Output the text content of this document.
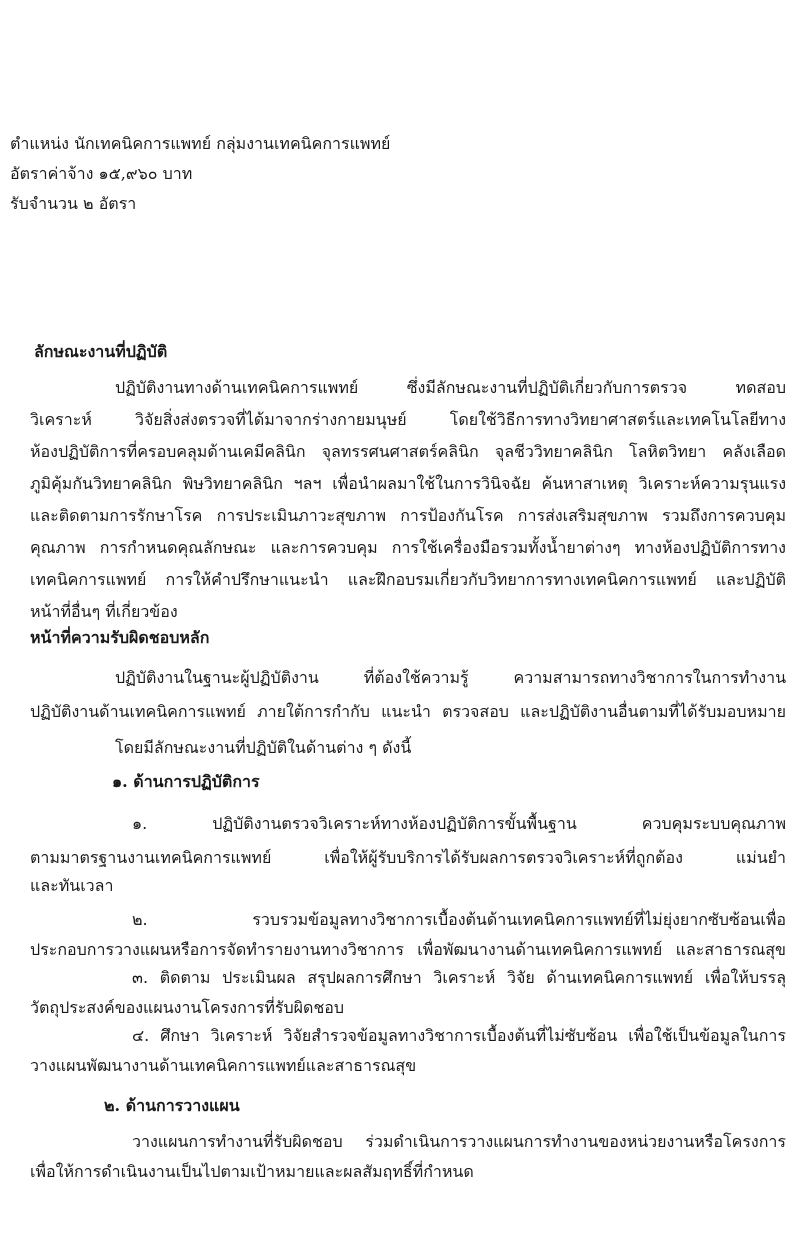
ตำแหน่ง นักเทคนิคการแพทย์ กลุ่มงานเทคนิคการแพทย์

อัตราค่าจ้าง ๑๕,๙๖๐ บาท

รับจำนวน ๒ อัตรา

ลักษณะงานที่ปฏิบัติ

ปฏิบัติงานทางด้านเทคนิคการแพทย์ ซึ่งมีลักษณะงานที่ปฏิบัติเกี่ยวกับการตรวจ ทดสอบ

วิเคราะห์ วิจัยสิ่งส่งตรวจที่ได้มาจากร่างกายมนุษย์ โดยใช้วิธีการทางวิทยาศาสตร์และเทคโนโลยีทาง

ห้องปฏิบัติการที่ครอบคลุมด้านเคมีคลินิก จุลทรรศนศาสตร์คลินิก จุลชีววิทยาคลินิก โลหิตวิทยา คลังเลือด

ภูมิคุ้มกันวิทยาคลินิก พิษวิทยาคลินิก ฯลฯ เพื่อนำผลมาใช้ในการวินิจฉัย ค้นหาสาเหตุ วิเคราะห์ความรุนแรง

และติดตามการรักษาโรค การประเมินภาวะสุขภาพ การป้องกันโรค การส่งเสริมสุขภาพ รวมถึงการควบคุม

คุณภาพ การกำหนดคุณลักษณะ และการควบคุม การใช้เครื่องมือรวมทั้งน้ำยาต่างๆ ทางห้องปฏิบัติการทาง

เทคนิคการแพทย์ การให้คำปรึกษาแนะนำ และฝึกอบรมเกี่ยวกับวิทยาการทางเทคนิคการแพทย์ และปฏิบัติ

หน้าที่อื่นๆ ที่เกี่ยวข้อง

หน้าที่ความรับผิดชอบหลัก

ปฏิบัติงานในฐานะผู้ปฏิบัติงาน ที่ต้องใช้ความรู้ ความสามารถทางวิชาการในการทำงาน

ปฏิบัติงานด้านเทคนิคการแพทย์ ภายใต้การกำกับ แนะนำ ตรวจสอบ และปฏิบัติงานอื่นตามที่ได้รับมอบหมาย

โดยมีลักษณะงานที่ปฏิบัติในด้านต่าง ๆ ดังนี้

๑. ด้านการปฏิบัติการ

๑. ปฏิบัติงานตรวจวิเคราะห์ทางห้องปฏิบัติการขั้นพื้นฐาน ควบคุมระบบคุณภาพ

ตามมาตรฐานงานเทคนิคการแพทย์ เพื่อให้ผู้รับบริการได้รับผลการตรวจวิเคราะห์ที่ถูกต้อง แม่นยำ

และทันเวลา

๒. รวบรวมข้อมูลทางวิชาการเบื้องต้นด้านเทคนิคการแพทย์ที่ไม่ยุ่งยากซับซ้อนเพื่อ

ประกอบการวางแผนหรือการจัดทำรายงานทางวิชาการ เพื่อพัฒนางานด้านเทคนิคการแพทย์ และสาธารณสุข

๓. ติดตาม ประเมินผล สรุปผลการศึกษา วิเคราะห์ วิจัย ด้านเทคนิคการแพทย์ เพื่อให้บรรลุ

วัตถุประสงค์ของแผนงานโครงการที่รับผิดชอบ

๔. ศึกษา วิเคราะห์ วิจัยสำรวจข้อมูลทางวิชาการเบื้องต้นที่ไม่ซับซ้อน เพื่อใช้เป็นข้อมูลในการ

วางแผนพัฒนางานด้านเทคนิคการแพทย์และสาธารณสุข

๒. ด้านการวางแผน

วางแผนการทำงานที่รับผิดชอบ ร่วมดำเนินการวางแผนการทำงานของหน่วยงานหรือโครงการ

เพื่อให้การดำเนินงานเป็นไปตามเป้าหมายและผลสัมฤทธิ์ที่กำหนด
